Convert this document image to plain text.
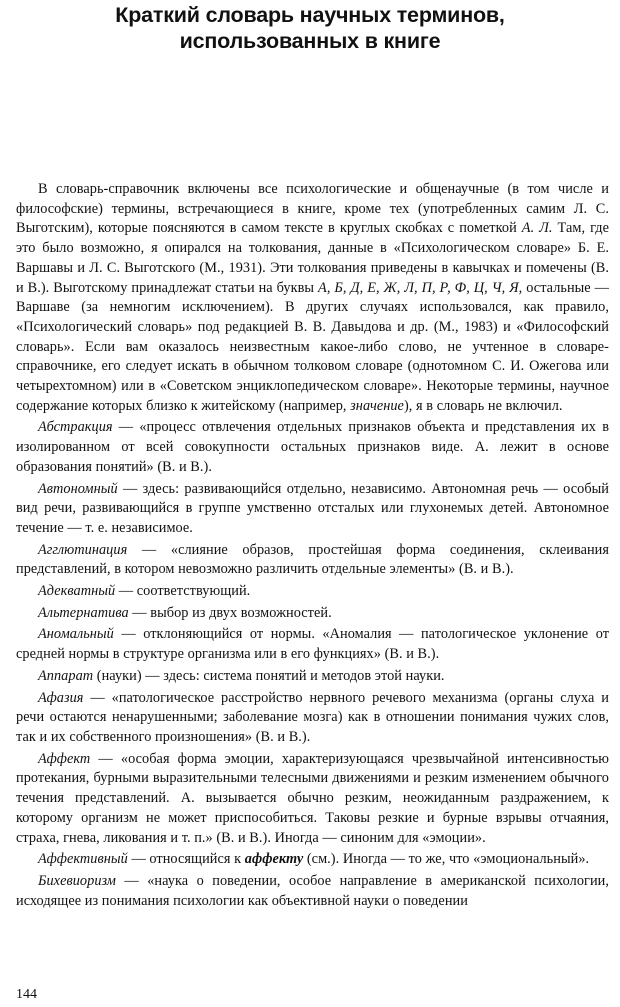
Краткий словарь научных терминов,
использованных в книге

В словарь-справочник включены все психологические и общенаучные (в том числе и философские) термины, встречающиеся в книге, кроме тех (употребленных самим Л. С. Выготским), которые поясняются в самом тексте в круглых скобках с пометкой А. Л. Там, где это было возможно, я опирался на толкования, данные в «Психологическом словаре» Б. Е. Варшавы и Л. С. Выготского (М., 1931). Эти толкования приведены в кавычках и помечены (В. и В.). Выготскому принадлежат статьи на буквы А, Б, Д, Е, Ж, Л, П, Р, Ф, Ц, Ч, Я, остальные — Варшаве (за немногим исключением). В других случаях использовался, как правило, «Психологический словарь» под редакцией В. В. Давыдова и др. (М., 1983) и «Философский словарь». Если вам оказалось неизвестным какое-либо слово, не учтенное в словаре-справочнике, его следует искать в обычном толковом словаре (однотомном С. И. Ожегова или четырехтомном) или в «Советском энциклопедическом словаре». Некоторые термины, научное содержание которых близко к житейскому (например, значение), я в словарь не включил.

Абстракция — «процесс отвлечения отдельных признаков объекта и представления их в изолированном от всей совокупности остальных признаков виде. А. лежит в основе образования понятий» (В. и В.).

Автономный — здесь: развивающийся отдельно, независимо. Автономная речь — особый вид речи, развивающийся в группе умственно отсталых или глухонемых детей. Автономное течение — т. е. независимое.

Агглютинация — «слияние образов, простейшая форма соединения, склеивания представлений, в котором невозможно различить отдельные элементы» (В. и В.).

Адекватный — соответствующий.

Альтернатива — выбор из двух возможностей.

Аномальный — отклоняющийся от нормы. «Аномалия — патологическое уклонение от средней нормы в структуре организма или в его функциях» (В. и В.).

Аппарат (науки) — здесь: система понятий и методов этой науки.

Афазия — «патологическое расстройство нервного речевого механизма (органы слуха и речи остаются ненарушенными; заболевание мозга) как в отношении понимания чужих слов, так и их собственного произношения» (В. и В.).

Аффект — «особая форма эмоции, характеризующаяся чрезвычайной интенсивностью протекания, бурными выразительными телесными движениями и резким изменением обычного течения представлений. А. вызывается обычно резким, неожиданным раздражением, к которому организм не может приспособиться. Таковы резкие и бурные взрывы отчаяния, страха, гнева, ликования и т. п.» (В. и В.). Иногда — синоним для «эмоции».

Аффективный — относящийся к аффекту (см.). Иногда — то же, что «эмоциональный».

Бихевиоризм — «наука о поведении, особое направление в американской психологии, исходящее из понимания психологии как объективной науки о поведении

144
